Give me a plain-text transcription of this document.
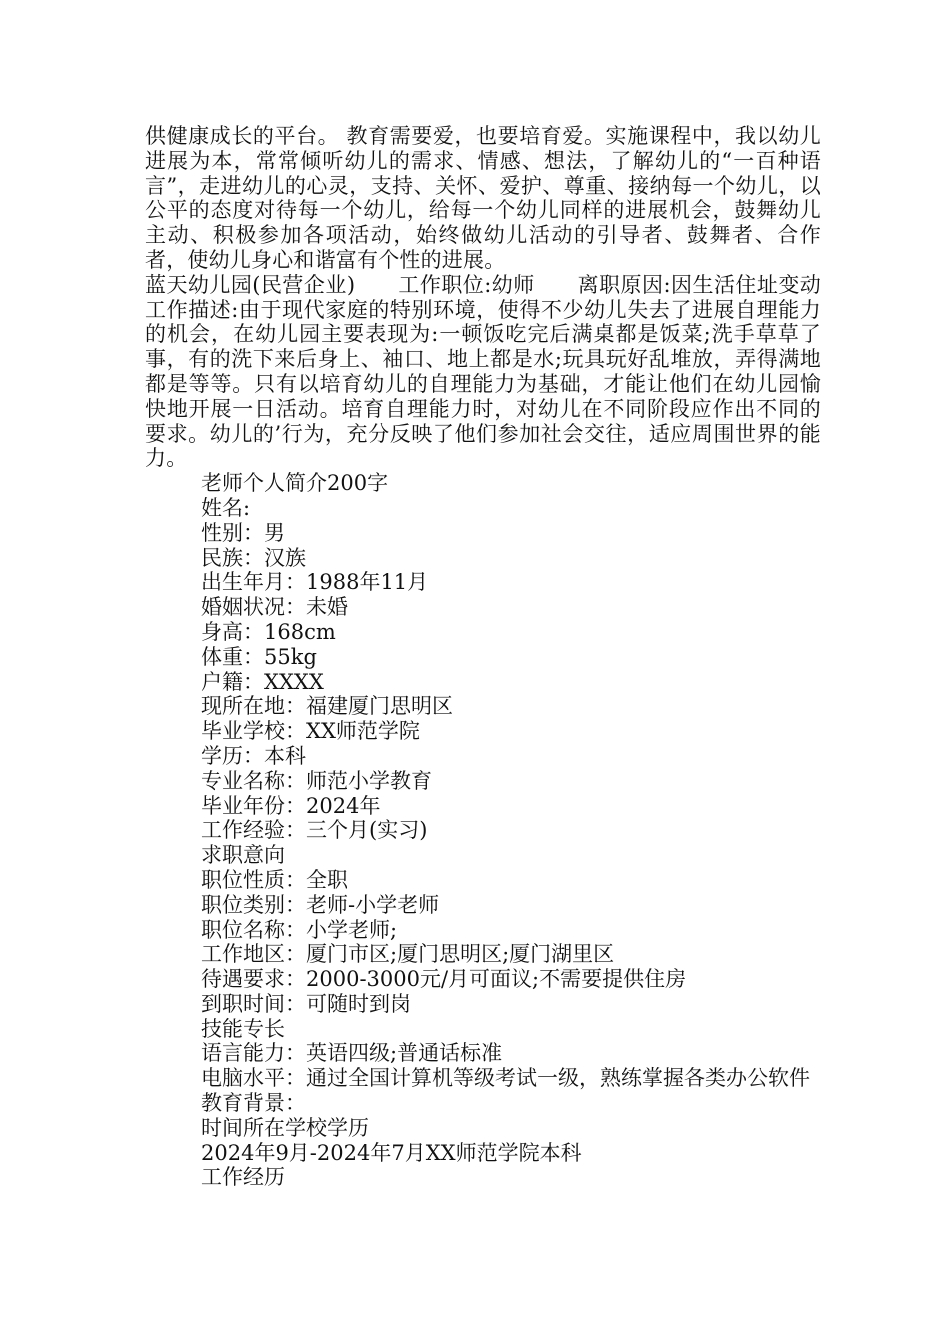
供健康成长的平台。 教育需要爱，也要培育爱。实施课程中，我以幼儿进展为本，常常倾听幼儿的需求、情感、想法，了解幼儿的“一百种语言”，走进幼儿的心灵，支持、关怀、爱护、尊重、接纳每一个幼儿，以公平的态度对待每一个幼儿，给每一个幼儿同样的进展机会，鼓舞幼儿主动、积极参加各项活动，始终做幼儿活动的引导者、鼓舞者、合作者，使幼儿身心和谐富有个性的进展。

蓝天幼儿园(民营企业)　　工作职位:幼师　　离职原因:因生活住址变动　　工作描述:由于现代家庭的特别环境，使得不少幼儿失去了进展自理能力的机会，在幼儿园主要表现为:一顿饭吃完后满桌都是饭菜;洗手草草了事，有的洗下来后身上、袖口、地上都是水;玩具玩好乱堆放，弄得满地都是等等。只有以培育幼儿的自理能力为基础，才能让他们在幼儿园愉快地开展一日活动。培育自理能力时，对幼儿在不同阶段应作出不同的要求。幼儿的’行为，充分反映了他们参加社会交往，适应周围世界的能力。

老师个人简介200字

姓名:

性别：男

民族：汉族

出生年月：1988年11月

婚姻状况：未婚

身高：168cm

体重：55kg

户籍：XXXX

现所在地：福建厦门思明区

毕业学校：XX师范学院

学历：本科

专业名称：师范小学教育

毕业年份：2024年

工作经验：三个月(实习)

求职意向

职位性质：全职

职位类别：老师-小学老师

职位名称：小学老师;

工作地区：厦门市区;厦门思明区;厦门湖里区

待遇要求：2000-3000元/月可面议;不需要提供住房

到职时间：可随时到岗

技能专长

语言能力：英语四级;普通话标准

电脑水平：通过全国计算机等级考试一级，熟练掌握各类办公软件

教育背景：

时间所在学校学历

2024年9月-2024年7月XX师范学院本科

工作经历
